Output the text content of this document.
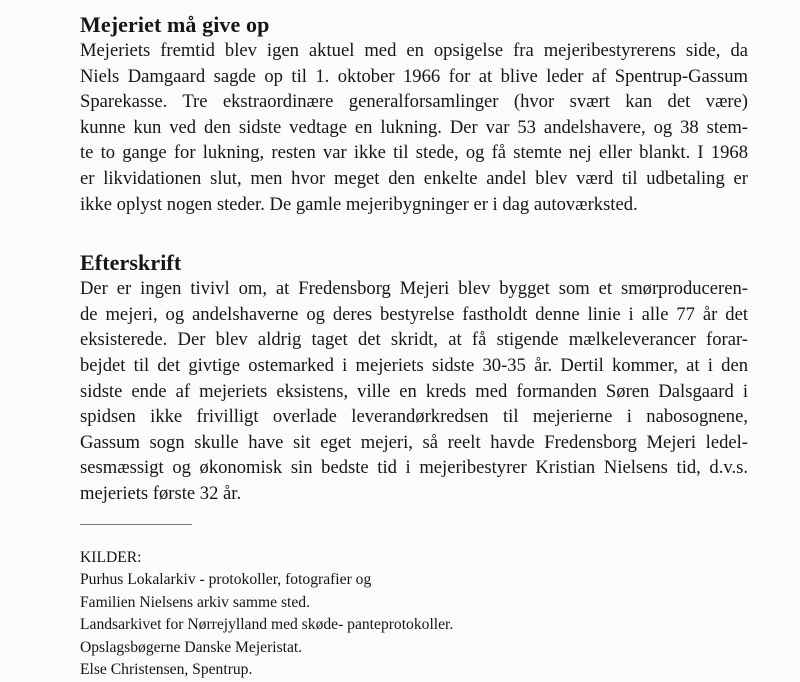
Mejeriet må give op

Mejeriets fremtid blev igen aktuel med en opsigelse fra mejeribestyrerens side, da

Niels Damgaard sagde op til 1. oktober 1966 for at blive leder af Spentrup-Gassum

Sparekasse. Tre ekstraordinære generalforsamlinger (hvor svært kan det være)

kunne kun ved den sidste vedtage en lukning. Der var 53 andelshavere, og 38 stem-

te to gange for lukning, resten var ikke til stede, og få stemte nej eller blankt. I 1968

er likvidationen slut, men hvor meget den enkelte andel blev værd til udbetaling er

ikke oplyst nogen steder. De gamle mejeribygninger er i dag autoværksted.

Efterskrift

Der er ingen tivivl om, at Fredensborg Mejeri blev bygget som et smørproduceren-

de mejeri, og andelshaverne og deres bestyrelse fastholdt denne linie i alle 77 år det

eksisterede. Der blev aldrig taget det skridt, at få stigende mælkeleverancer forar-

bejdet til det givtige ostemarked i mejeriets sidste 30-35 år. Dertil kommer, at i den

sidste ende af mejeriets eksistens, ville en kreds med formanden Søren Dalsgaard i

spidsen ikke frivilligt overlade leverandørkredsen til mejerierne i nabosognene,

Gassum sogn skulle have sit eget mejeri, så reelt havde Fredensborg Mejeri ledel-

sesmæssigt og økonomisk sin bedste tid i mejeribestyrer Kristian Nielsens tid, d.v.s.

mejeriets første 32 år.

KILDER:

Purhus Lokalarkiv - protokoller, fotografier og

Familien Nielsens arkiv samme sted.

Landsarkivet for Nørrejylland med skøde- panteprotokoller.

Opslagsbøgerne Danske Mejeristat.

Else Christensen, Spentrup.
